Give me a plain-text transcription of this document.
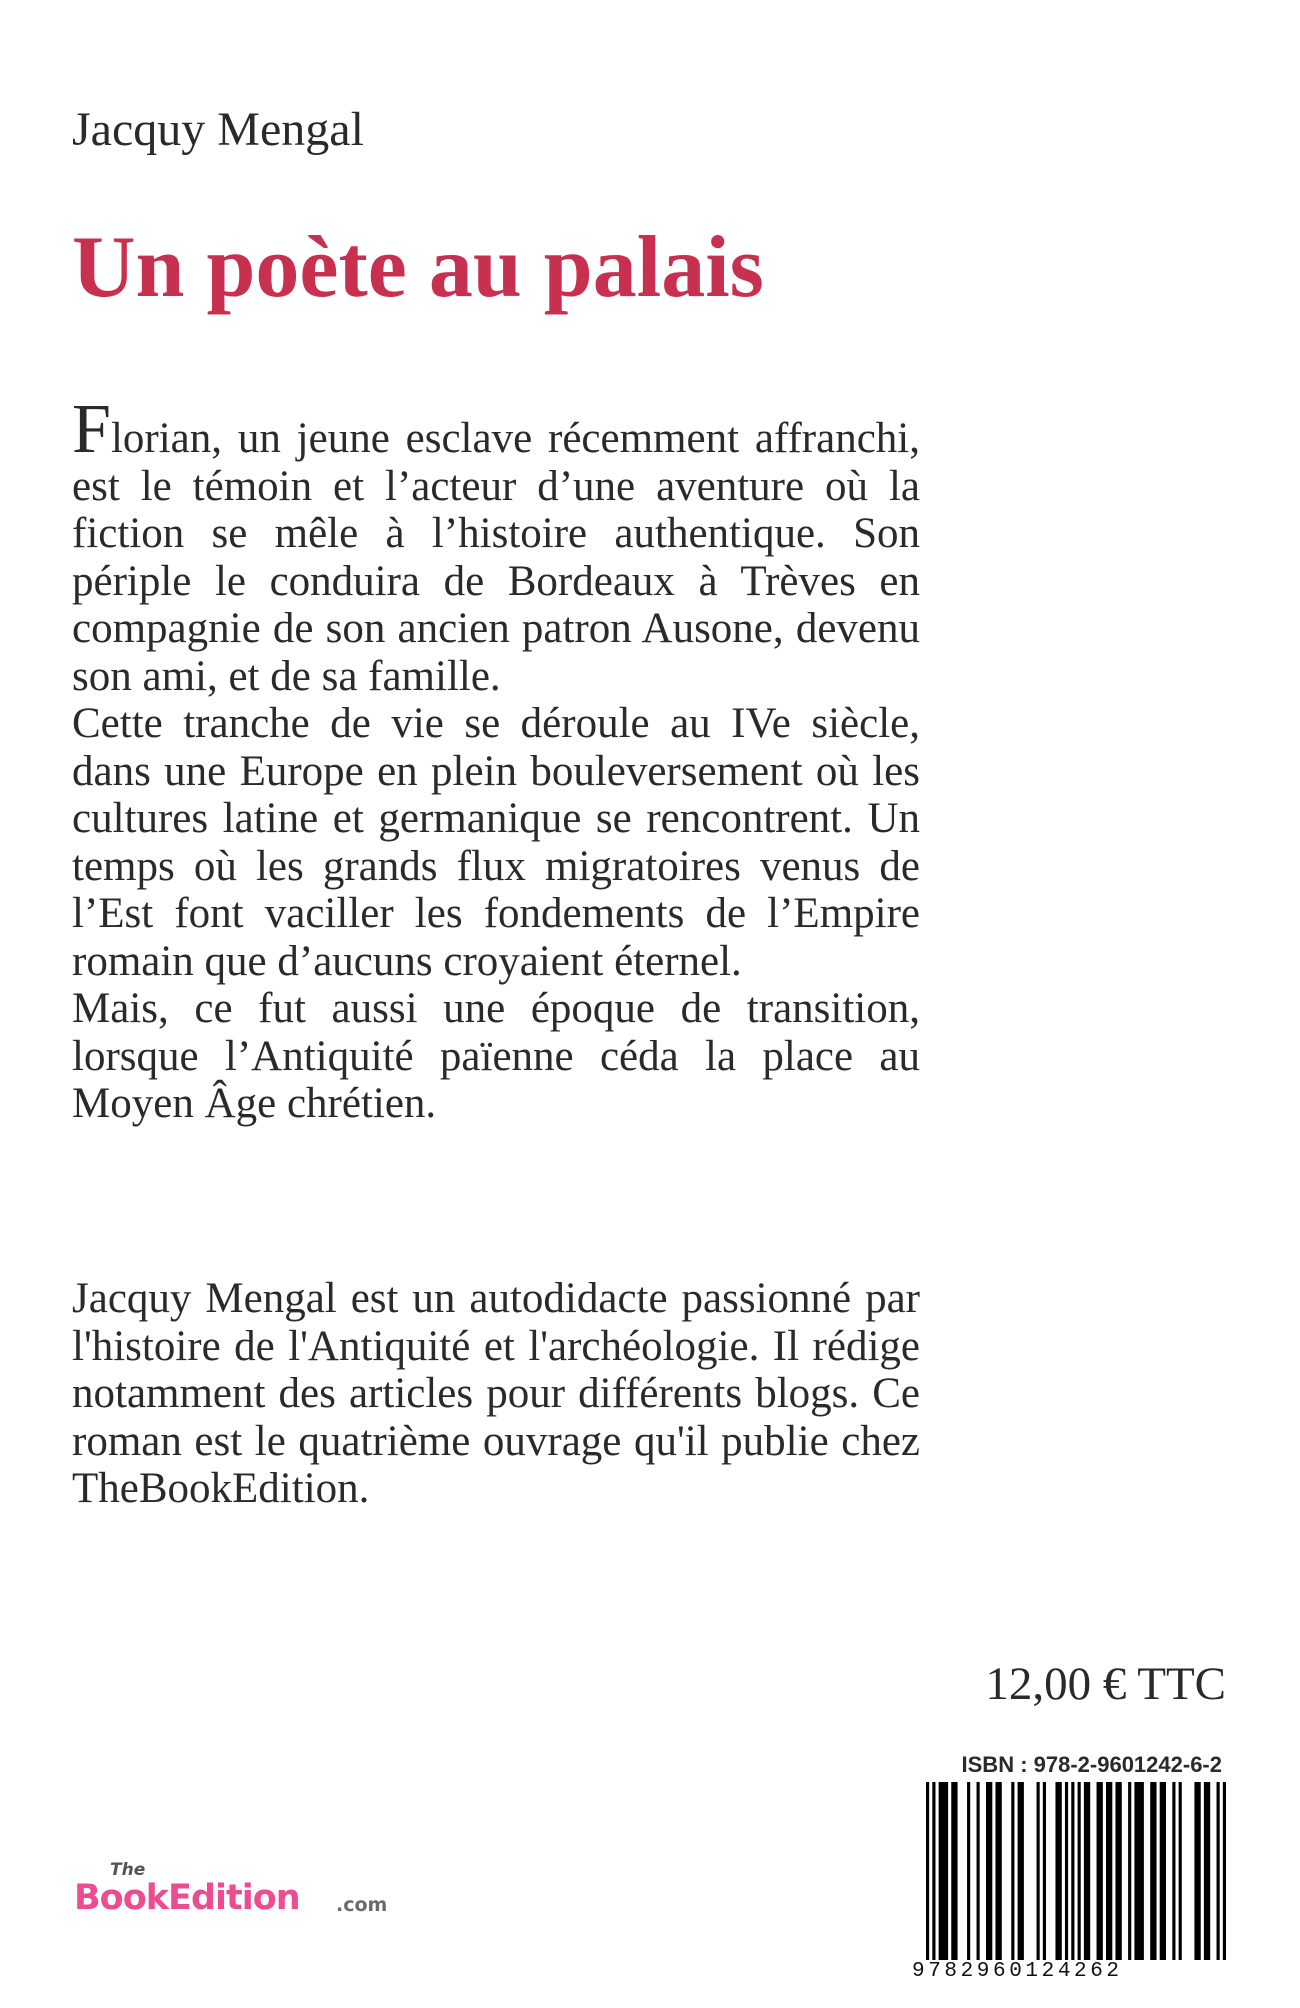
Jacquy Mengal
Un poète au palais

Florian, un jeune esclave récemment affranchi, est le témoin et l’acteur d’une aventure où la fiction se mêle à l’histoire authentique. Son périple le conduira de Bordeaux à Trèves en compagnie de son ancien patron Ausone, devenu son ami, et de sa famille.

Cette tranche de vie se déroule au IVe siècle, dans une Europe en plein bouleversement où les cultures latine et germanique se rencontrent. Un temps où les grands flux migratoires venus de l’Est font vaciller les fondements de l’Empire romain que d’aucuns croyaient éternel.

Mais, ce fut aussi une époque de transition, lorsque l’Antiquité païenne céda la place au Moyen Âge chrétien.

Jacquy Mengal est un autodidacte passionné par l'histoire de l'Antiquité et l'archéologie. Il rédige notamment des articles pour différents blogs. Ce roman est le quatrième ouvrage qu'il publie chez TheBookEdition.

12,00 € TTC
ISBN : 978-2-9601242-6-2
9782960124262
The
BookEdition .com
